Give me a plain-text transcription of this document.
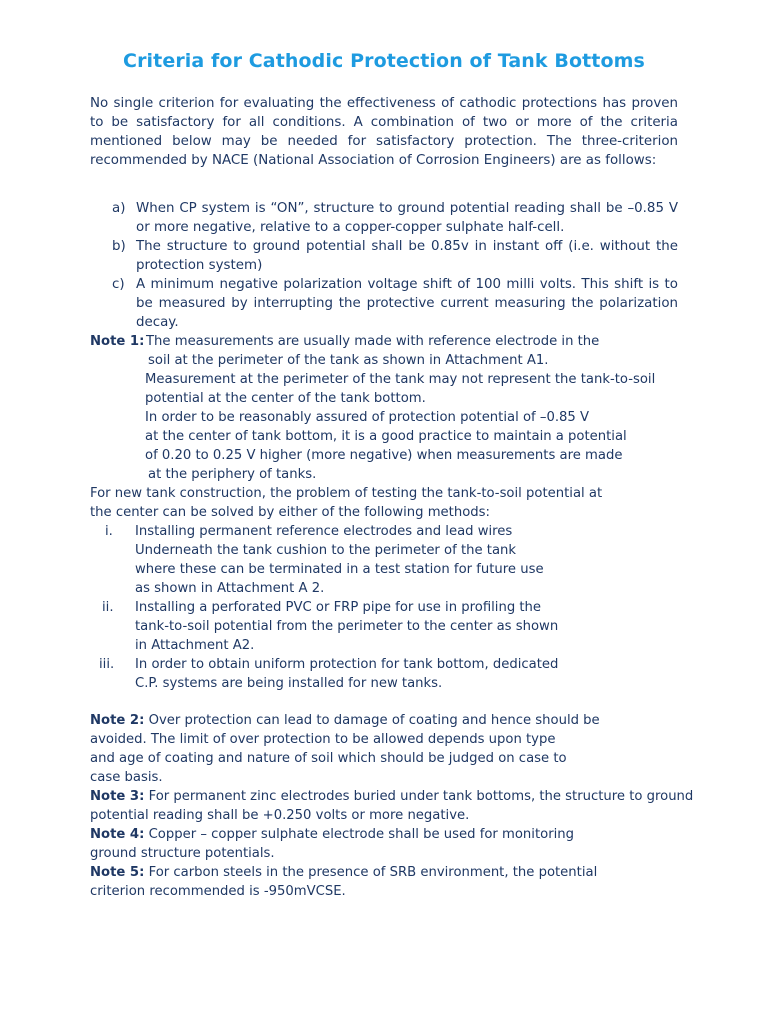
Criteria for Cathodic Protection of Tank Bottoms
No single criterion for evaluating the effectiveness of cathodic protections has proven to be satisfactory for all conditions. A combination of two or more of the criteria mentioned below may be needed for satisfactory protection. The three-criterion recommended by NACE (National Association of Corrosion Engineers) are as follows:
a) When CP system is “ON”, structure to ground potential reading shall be –0.85 V or more negative, relative to a copper-copper sulphate half-cell.
b) The structure to ground potential shall be 0.85v in instant off (i.e. without the protection system)
c) A minimum negative polarization voltage shift of 100 milli volts. This shift is to be measured by interrupting the protective current measuring the polarization decay.
Note 1: The measurements are usually made with reference electrode in the
soil at the perimeter of the tank as shown in Attachment A1.
Measurement at the perimeter of the tank may not represent the tank-to-soil
potential at the center of the tank bottom.
In order to be reasonably assured of protection potential of –0.85 V
at the center of tank bottom, it is a good practice to maintain a potential
of 0.20 to 0.25 V higher (more negative) when measurements are made
at the periphery of tanks.
For new tank construction, the problem of testing the tank-to-soil potential at
the center can be solved by either of the following methods:
i. Installing permanent reference electrodes and lead wires
Underneath the tank cushion to the perimeter of the tank
where these can be terminated in a test station for future use
as shown in Attachment A 2.
ii. Installing a perforated PVC or FRP pipe for use in profiling the
tank-to-soil potential from the perimeter to the center as shown
in Attachment A2.
iii. In order to obtain uniform protection for tank bottom, dedicated
C.P. systems are being installed for new tanks.
Note 2: Over protection can lead to damage of coating and hence should be
avoided. The limit of over protection to be allowed depends upon type
and age of coating and nature of soil which should be judged on case to
case basis.
Note 3: For permanent zinc electrodes buried under tank bottoms, the structure to ground
potential reading shall be +0.250 volts or more negative.
Note 4: Copper – copper sulphate electrode shall be used for monitoring
ground structure potentials.
Note 5: For carbon steels in the presence of SRB environment, the potential
criterion recommended is -950mVCSE.
